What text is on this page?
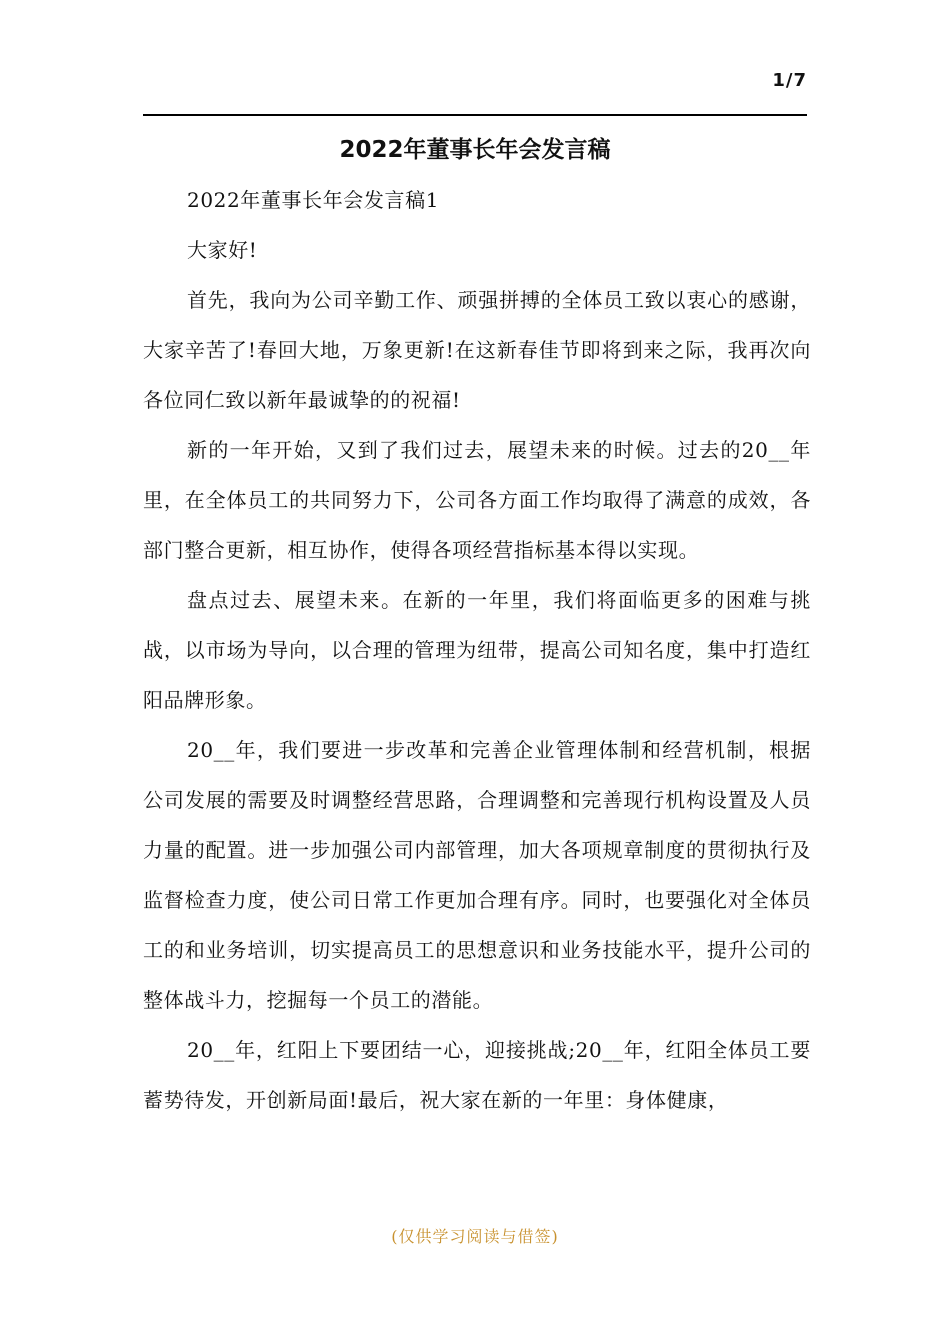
1/7
2022年董事长年会发言稿

2022年董事长年会发言稿1

大家好!

首先，我向为公司辛勤工作、顽强拼搏的全体员工致以衷心的感谢，大家辛苦了!春回大地，万象更新!在这新春佳节即将到来之际，我再次向各位同仁致以新年最诚挚的的祝福!

新的一年开始，又到了我们过去，展望未来的时候。过去的20__年里，在全体员工的共同努力下，公司各方面工作均取得了满意的成效，各部门整合更新，相互协作，使得各项经营指标基本得以实现。

盘点过去、展望未来。在新的一年里，我们将面临更多的困难与挑战，以市场为导向，以合理的管理为纽带，提高公司知名度，集中打造红阳品牌形象。

20__年，我们要进一步改革和完善企业管理体制和经营机制，根据公司发展的需要及时调整经营思路，合理调整和完善现行机构设置及人员力量的配置。进一步加强公司内部管理，加大各项规章制度的贯彻执行及监督检查力度，使公司日常工作更加合理有序。同时，也要强化对全体员工的和业务培训，切实提高员工的思想意识和业务技能水平，提升公司的整体战斗力，挖掘每一个员工的潜能。

20__年，红阳上下要团结一心，迎接挑战;20__年，红阳全体员工要蓄势待发，开创新局面!最后，祝大家在新的一年里：身体健康，

(仅供学习阅读与借签)
